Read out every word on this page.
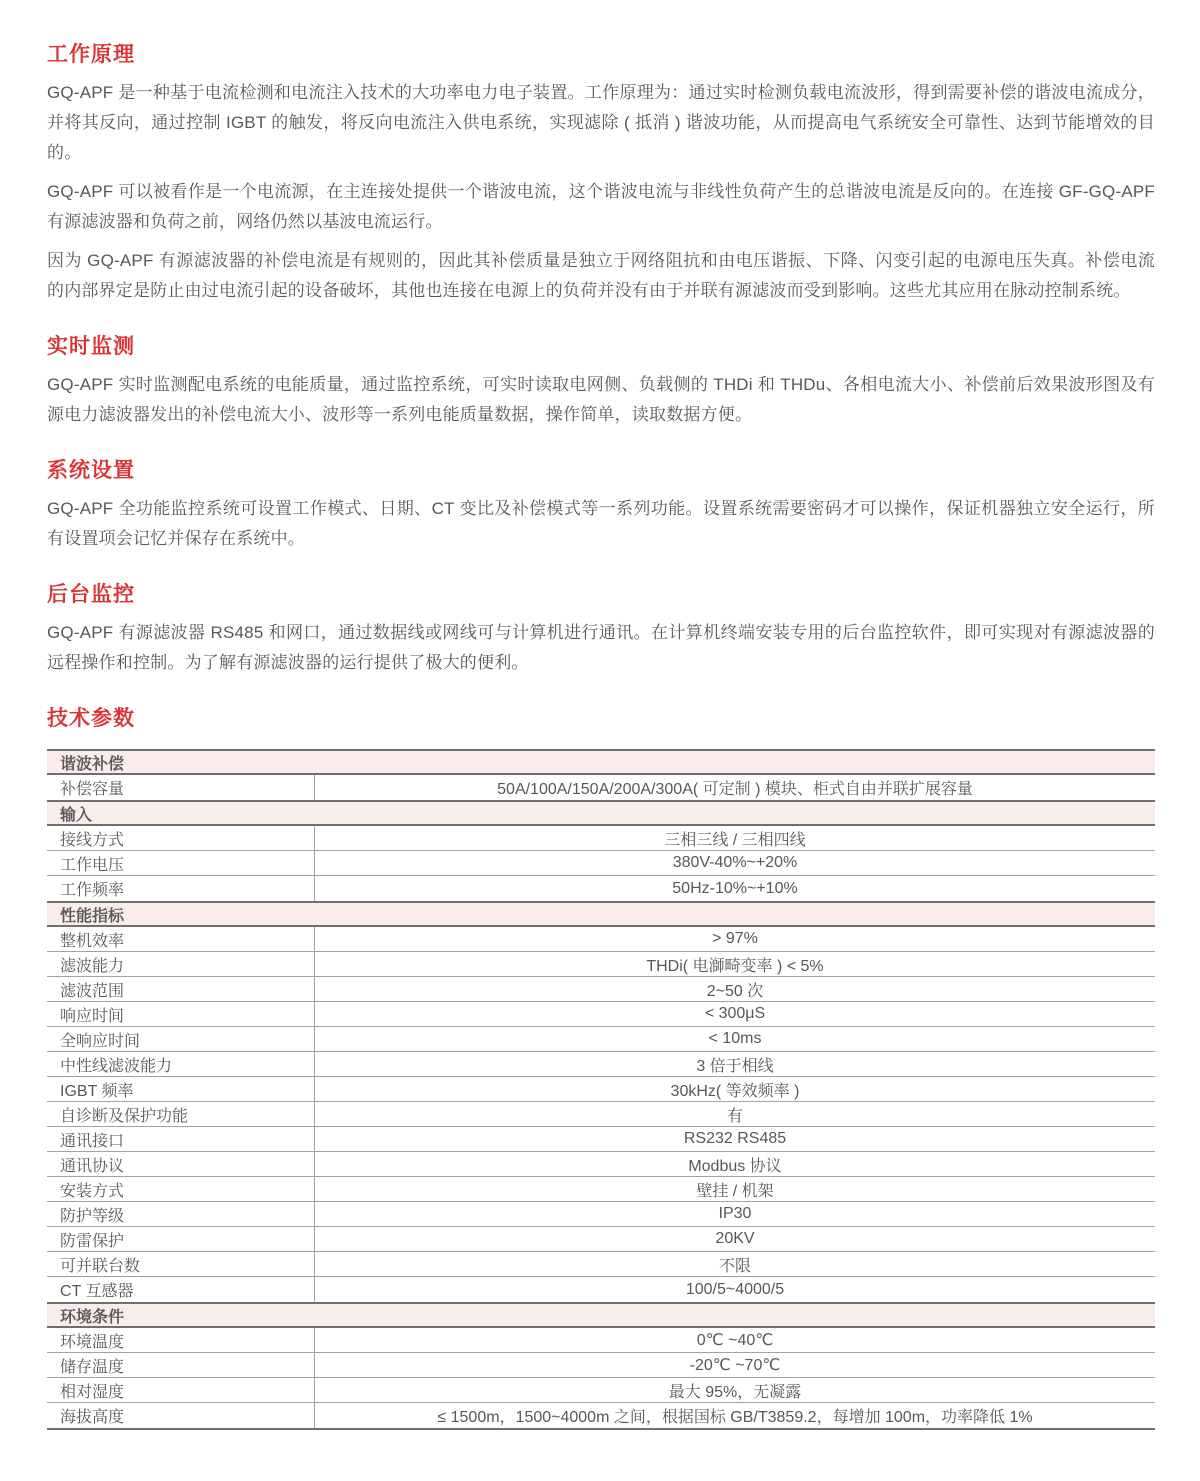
工作原理

GQ-APF 是一种基于电流检测和电流注入技术的大功率电力电子装置。工作原理为：通过实时检测负载电流波形，得到需要补偿的谐波电流成分，并将其反向，通过控制 IGBT 的触发，将反向电流注入供电系统，实现滤除 ( 抵消 ) 谐波功能，从而提高电气系统安全可靠性、达到节能增效的目的。

GQ-APF 可以被看作是一个电流源，在主连接处提供一个谐波电流，这个谐波电流与非线性负荷产生的总谐波电流是反向的。在连接 GF-GQ-APF 有源滤波器和负荷之前，网络仍然以基波电流运行。

因为 GQ-APF 有源滤波器的补偿电流是有规则的，因此其补偿质量是独立于网络阻抗和由电压谐振、下降、闪变引起的电源电压失真。补偿电流的内部界定是防止由过电流引起的设备破坏，其他也连接在电源上的负荷并没有由于并联有源滤波而受到影响。这些尤其应用在脉动控制系统。

实时监测

GQ-APF 实时监测配电系统的电能质量，通过监控系统，可实时读取电网侧、负载侧的 THDi 和 THDu、各相电流大小、补偿前后效果波形图及有源电力滤波器发出的补偿电流大小、波形等一系列电能质量数据，操作简单，读取数据方便。

系统设置

GQ-APF 全功能监控系统可设置工作模式、日期、CT 变比及补偿模式等一系列功能。设置系统需要密码才可以操作，保证机器独立安全运行，所有设置项会记忆并保存在系统中。

后台监控

GQ-APF 有源滤波器 RS485 和网口，通过数据线或网线可与计算机进行通讯。在计算机终端安装专用的后台监控软件，即可实现对有源滤波器的远程操作和控制。为了解有源滤波器的运行提供了极大的便利。

技术参数
谐波补偿
补偿容量	50A/100A/150A/200A/300A( 可定制 ) 模块、柜式自由并联扩展容量
输入
接线方式	三相三线 / 三相四线
工作电压	380V-40%~+20%
工作频率	50Hz-10%~+10%
性能指标
整机效率	> 97%
滤波能力	THDi( 电溮畸变率 ) < 5%
滤波范围	2~50 次
响应时间	< 300μS
全响应时间	< 10ms
中性线滤波能力	3 倍于相线
IGBT 频率	30kHz( 等效频率 )
自诊断及保护功能	有
通讯接口	RS232 RS485
通讯协议	Modbus 协议
安装方式	壁挂 / 机架
防护等级	IP30
防雷保护	20KV
可并联台数	不限
CT 互感器	100/5~4000/5
环境条件
环境温度	0℃ ~40℃
储存温度	-20℃ ~70℃
相对湿度	最大 95%，无凝露
海拔高度	≤ 1500m，1500~4000m 之间，根据国标 GB/T3859.2，每增加 100m，功率降低 1%
